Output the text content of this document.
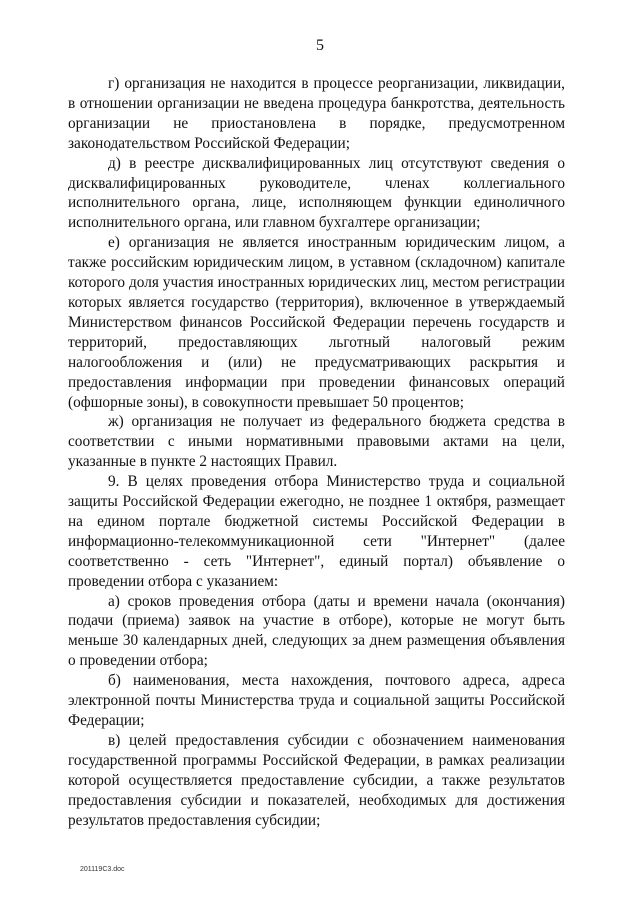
5

г) организация не находится в процессе реорганизации, ликвидации, в отношении организации не введена процедура банкротства, деятельность организации не приостановлена в порядке, предусмотренном законодательством Российской Федерации;

д) в реестре дисквалифицированных лиц отсутствуют сведения о дисквалифицированных руководителе, членах коллегиального исполнительного органа, лице, исполняющем функции единоличного исполнительного органа, или главном бухгалтере организации;

е) организация не является иностранным юридическим лицом, а также российским юридическим лицом, в уставном (складочном) капитале которого доля участия иностранных юридических лиц, местом регистрации которых является государство (территория), включенное в утверждаемый Министерством финансов Российской Федерации перечень государств и территорий, предоставляющих льготный налоговый режим налогообложения и (или) не предусматривающих раскрытия и предоставления информации при проведении финансовых операций (офшорные зоны), в совокупности превышает 50 процентов;

ж) организация не получает из федерального бюджета средства в соответствии с иными нормативными правовыми актами на цели, указанные в пункте 2 настоящих Правил.

9. В целях проведения отбора Министерство труда и социальной защиты Российской Федерации ежегодно, не позднее 1 октября, размещает на едином портале бюджетной системы Российской Федерации в информационно-телекоммуникационной сети "Интернет" (далее соответственно - сеть "Интернет", единый портал) объявление о проведении отбора с указанием:

а) сроков проведения отбора (даты и времени начала (окончания) подачи (приема) заявок на участие в отборе), которые не могут быть меньше 30 календарных дней, следующих за днем размещения объявления о проведении отбора;

б) наименования, места нахождения, почтового адреса, адреса электронной почты Министерства труда и социальной защиты Российской Федерации;

в) целей предоставления субсидии с обозначением наименования государственной программы Российской Федерации, в рамках реализации которой осуществляется предоставление субсидии, а также результатов предоставления субсидии и показателей, необходимых для достижения результатов предоставления субсидии;

201119C3.doc
